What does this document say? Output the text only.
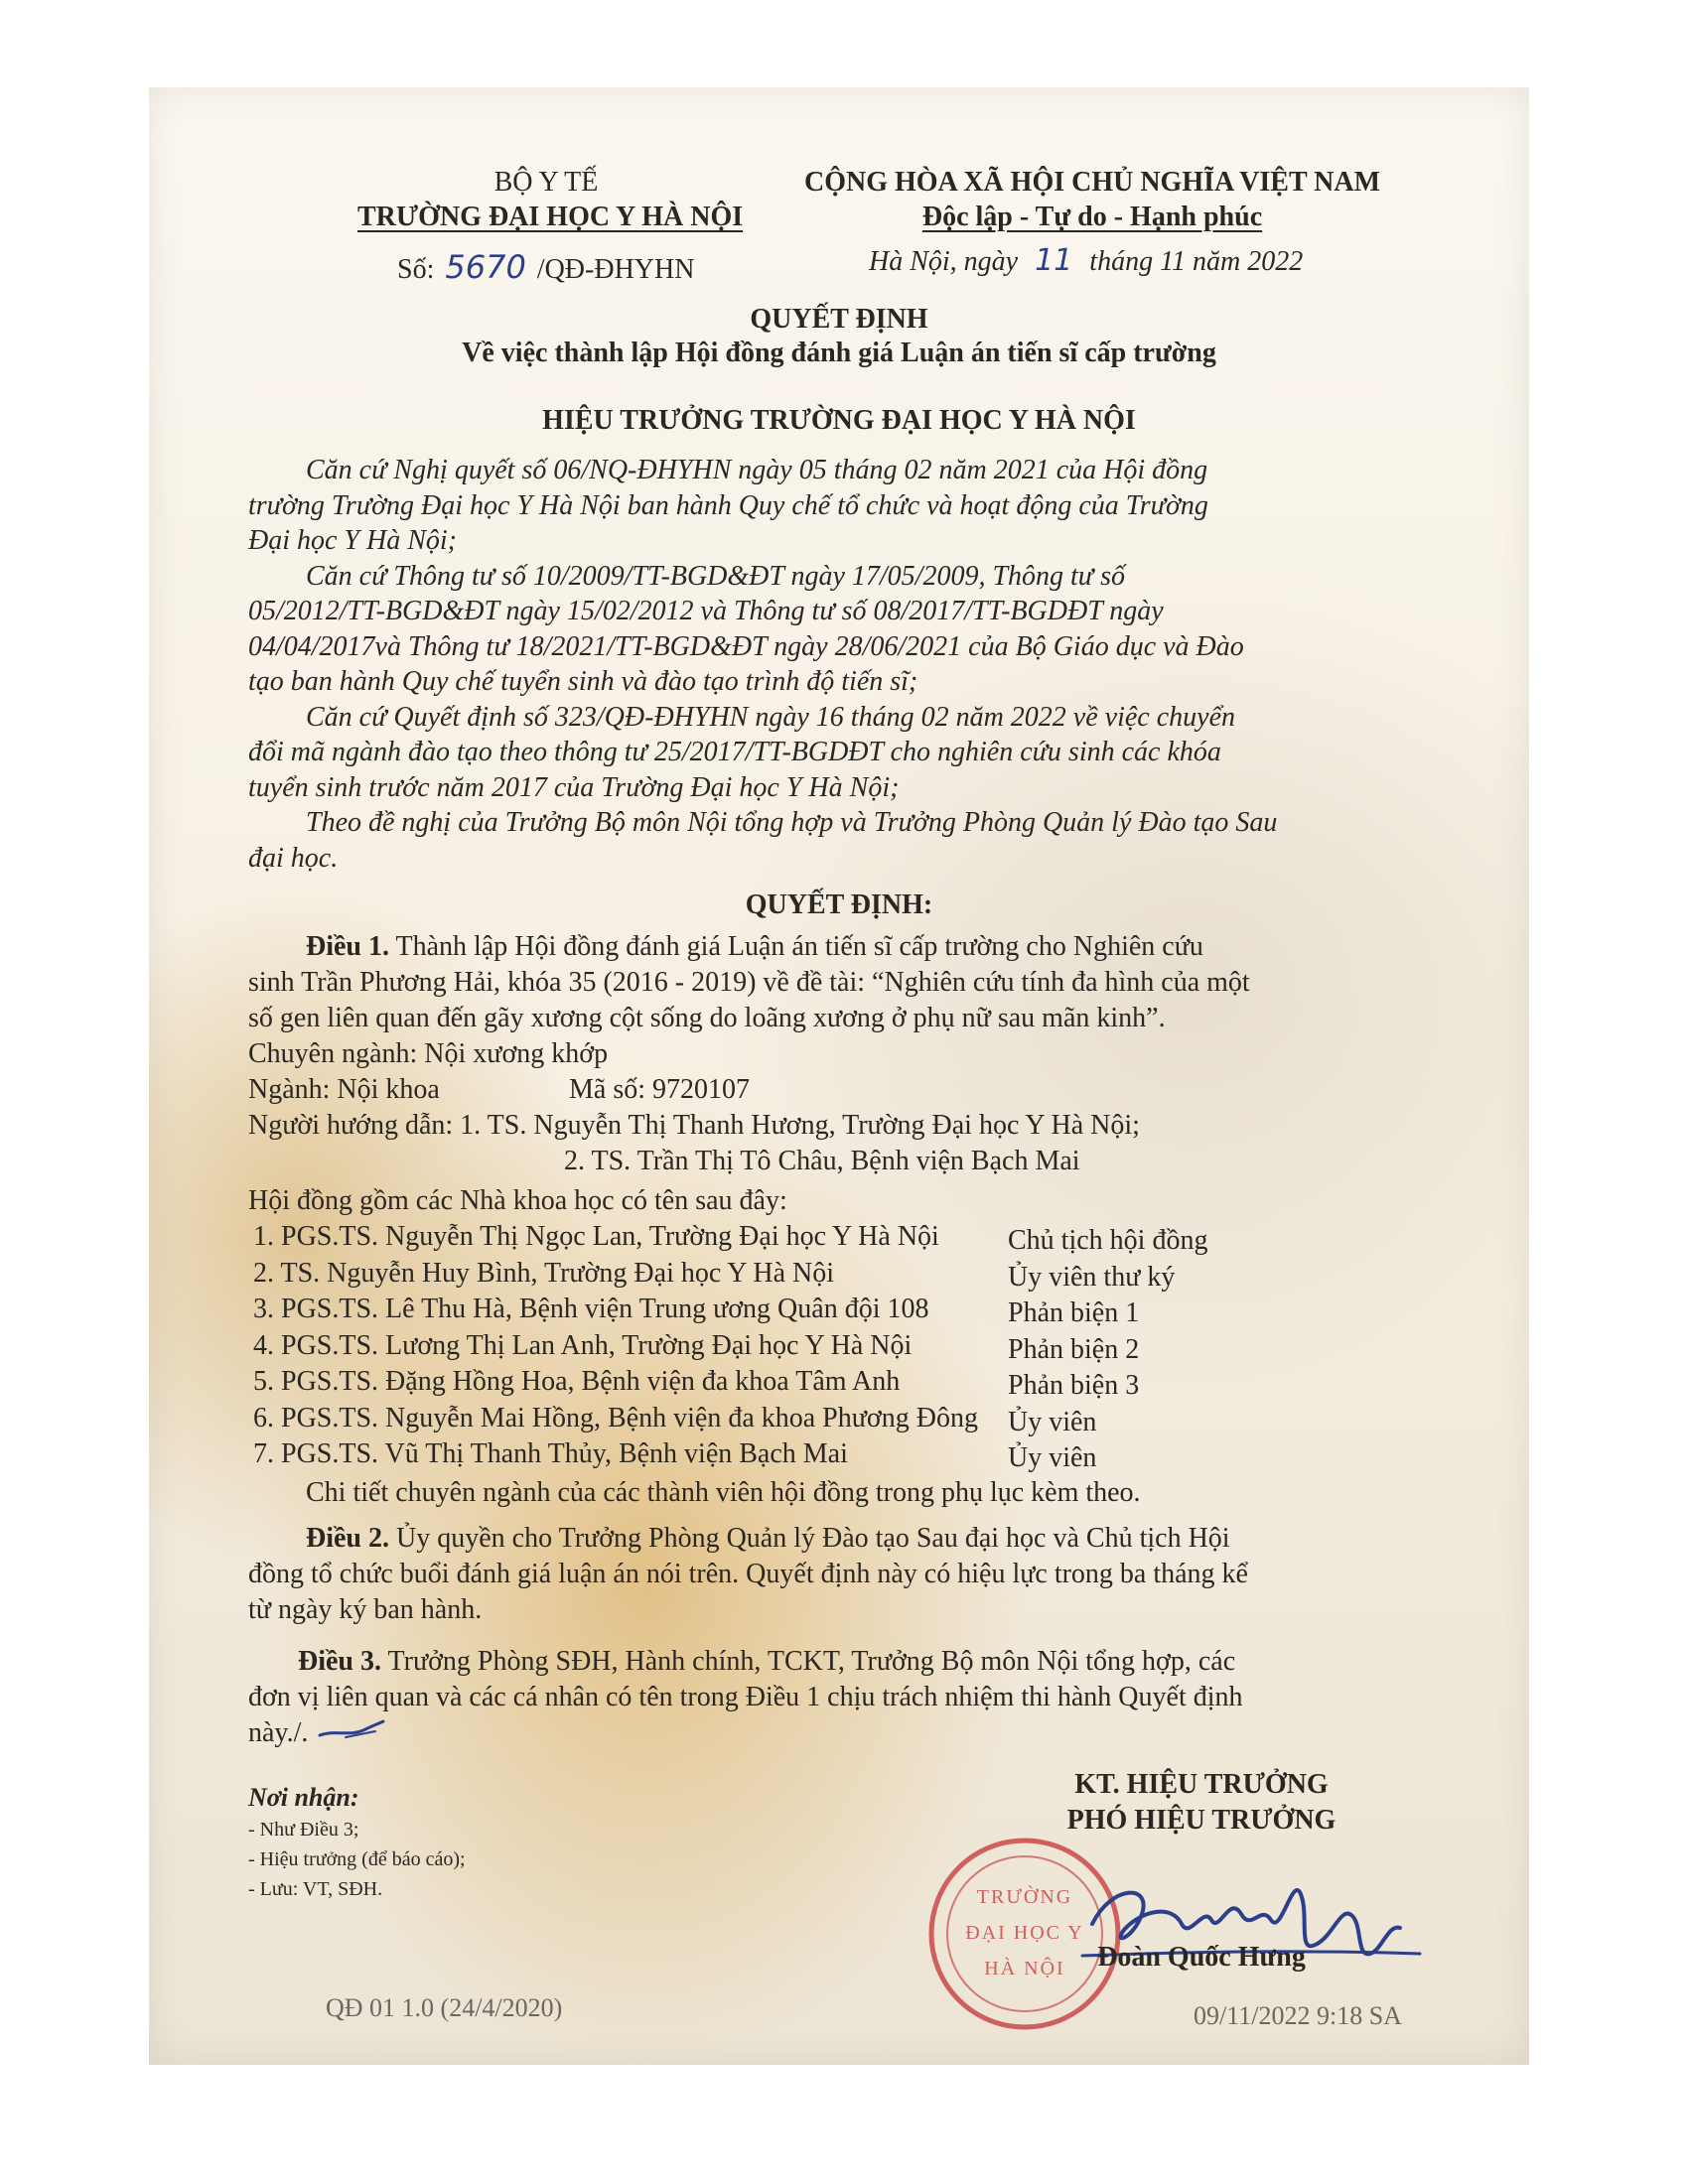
BỘ Y TẾ
TRƯỜNG ĐẠI HỌC Y HÀ NỘI
Số: 5670 /QĐ-ĐHYHN
CỘNG HÒA XÃ HỘI CHỦ NGHĨA VIỆT NAM
Độc lập - Tự do - Hạnh phúc
Hà Nội, ngày 11 tháng 11 năm 2022
QUYẾT ĐỊNH
Về việc thành lập Hội đồng đánh giá Luận án tiến sĩ cấp trường
HIỆU TRƯỞNG TRƯỜNG ĐẠI HỌC Y HÀ NỘI
Căn cứ Nghị quyết số 06/NQ-ĐHYHN ngày 05 tháng 02 năm 2021 của Hội đồng
trường Trường Đại học Y Hà Nội ban hành Quy chế tổ chức và hoạt động của Trường
Đại học Y Hà Nội;
Căn cứ Thông tư số 10/2009/TT-BGD&ĐT ngày 17/05/2009, Thông tư số
05/2012/TT-BGD&ĐT ngày 15/02/2012 và Thông tư số 08/2017/TT-BGDĐT ngày
04/04/2017và Thông tư 18/2021/TT-BGD&ĐT ngày 28/06/2021 của Bộ Giáo dục và Đào
tạo ban hành Quy chế tuyển sinh và đào tạo trình độ tiến sĩ;
Căn cứ Quyết định số 323/QĐ-ĐHYHN ngày 16 tháng 02 năm 2022 về việc chuyển
đổi mã ngành đào tạo theo thông tư 25/2017/TT-BGDĐT cho nghiên cứu sinh các khóa
tuyển sinh trước năm 2017 của Trường Đại học Y Hà Nội;
Theo đề nghị của Trưởng Bộ môn Nội tổng hợp và Trưởng Phòng Quản lý Đào tạo Sau
đại học.
QUYẾT ĐỊNH:
Điều 1. Thành lập Hội đồng đánh giá Luận án tiến sĩ cấp trường cho Nghiên cứu
sinh Trần Phương Hải, khóa 35 (2016 - 2019) về đề tài: “Nghiên cứu tính đa hình của một
số gen liên quan đến gãy xương cột sống do loãng xương ở phụ nữ sau mãn kinh”.
Chuyên ngành: Nội xương khớp
Ngành: Nội khoa	Mã số: 9720107
Người hướng dẫn: 1. TS. Nguyễn Thị Thanh Hương, Trường Đại học Y Hà Nội;
2. TS. Trần Thị Tô Châu, Bệnh viện Bạch Mai
Hội đồng gồm các Nhà khoa học có tên sau đây:
1. PGS.TS. Nguyễn Thị Ngọc Lan, Trường Đại học Y Hà Nội Chủ tịch hội đồng
2. TS. Nguyễn Huy Bình, Trường Đại học Y Hà Nội	Ủy viên thư ký
3. PGS.TS. Lê Thu Hà, Bệnh viện Trung ương Quân đội 108	Phản biện 1
4. PGS.TS. Lương Thị Lan Anh, Trường Đại học Y Hà Nội	Phản biện 2
5. PGS.TS. Đặng Hồng Hoa, Bệnh viện đa khoa Tâm Anh	Phản biện 3
6. PGS.TS. Nguyễn Mai Hồng, Bệnh viện đa khoa Phương Đông Ủy viên
7. PGS.TS. Vũ Thị Thanh Thủy, Bệnh viện Bạch Mai	Ủy viên
Chi tiết chuyên ngành của các thành viên hội đồng trong phụ lục kèm theo.
Điều 2. Ủy quyền cho Trưởng Phòng Quản lý Đào tạo Sau đại học và Chủ tịch Hội
đồng tổ chức buổi đánh giá luận án nói trên. Quyết định này có hiệu lực trong ba tháng kể
từ ngày ký ban hành.
Điều 3. Trưởng Phòng SĐH, Hành chính, TCKT, Trưởng Bộ môn Nội tổng hợp, các
đơn vị liên quan và các cá nhân có tên trong Điều 1 chịu trách nhiệm thi hành Quyết định
này./.
Nơi nhận:
- Như Điều 3;
- Hiệu trưởng (để báo cáo);
- Lưu: VT, SĐH.
KT. HIỆU TRƯỞNG
PHÓ HIỆU TRƯỞNG
TRƯỜNG
ĐẠI HỌC Y
HÀ NỘI	Đoàn Quốc Hưng
QĐ 01 1.0 (24/4/2020)	09/11/2022 9:18 SA
